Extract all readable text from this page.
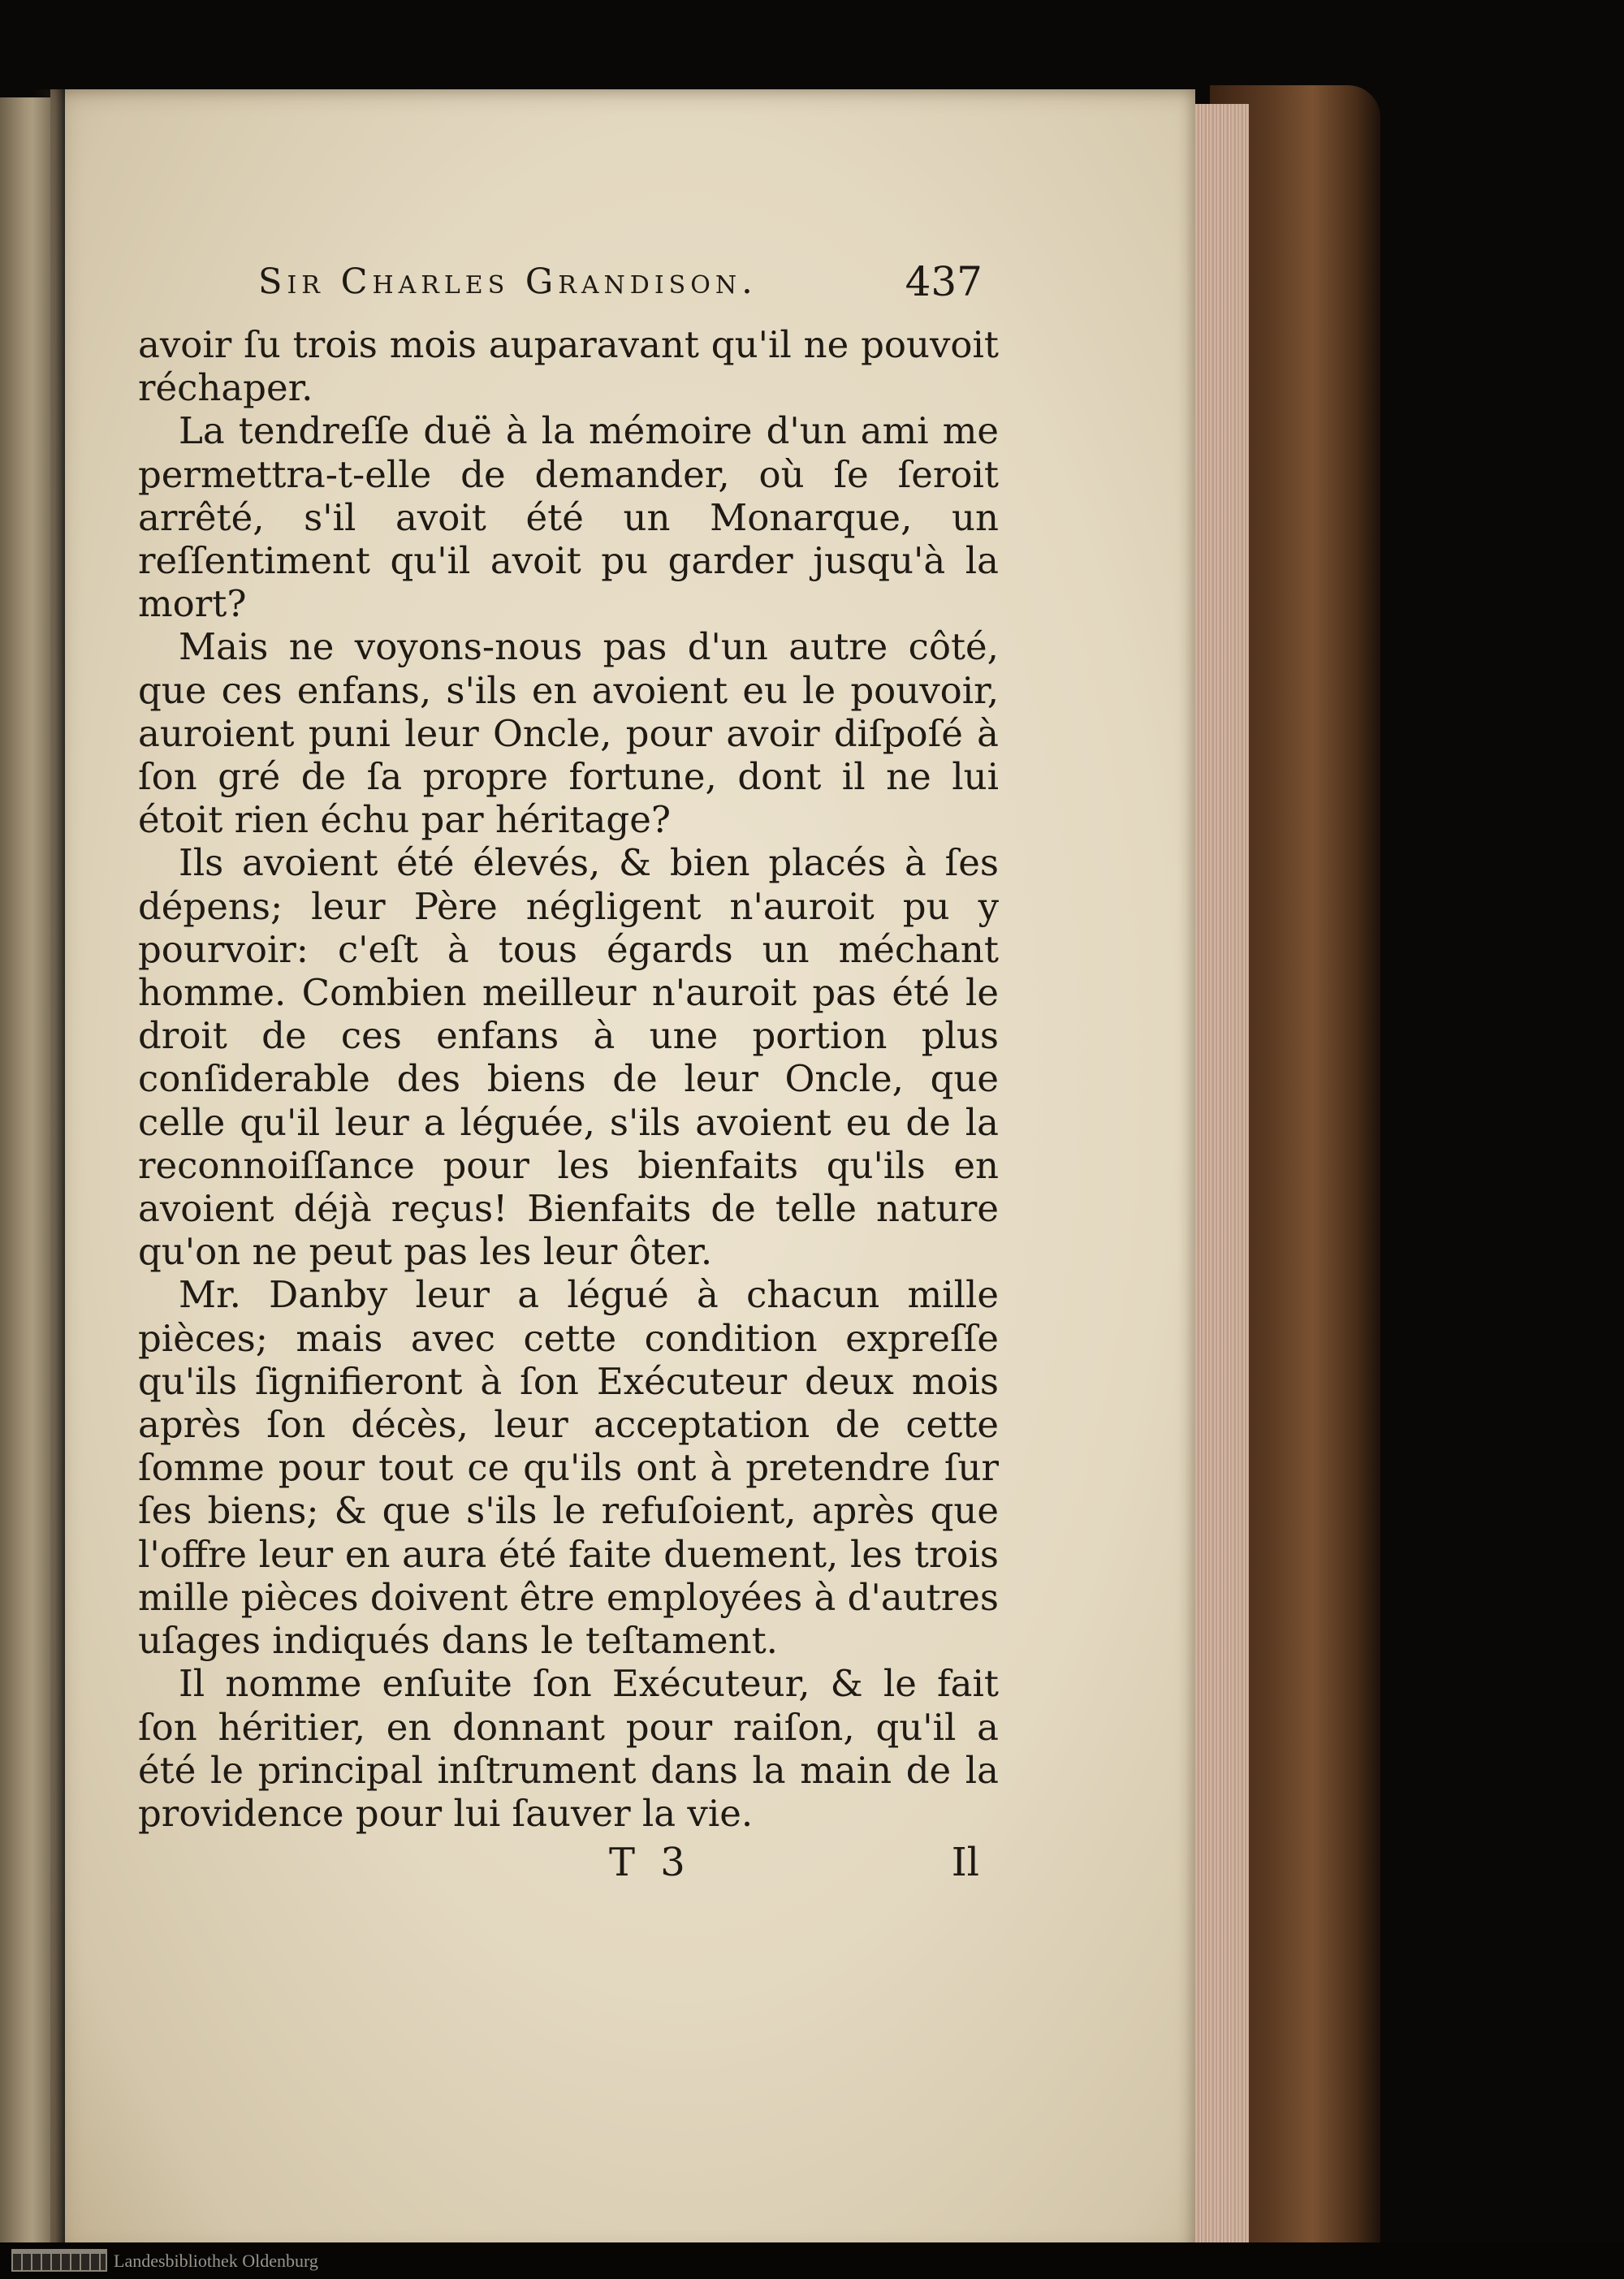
Sir Charles Grandison.	437

avoir ſu trois mois auparavant qu'il ne pouvoit réchaper.

La tendreſſe duë à la mémoire d'un ami me permettra-t-elle de demander, où ſe ſeroit arrêté, s'il avoit été un Monarque, un reſſentiment qu'il avoit pu garder jusqu'à la mort?

Mais ne voyons-nous pas d'un autre côté, que ces enfans, s'ils en avoient eu le pouvoir, auroient puni leur Oncle, pour avoir diſpoſé à ſon gré de ſa propre fortune, dont il ne lui étoit rien échu par héritage?

Ils avoient été élevés, & bien placés à ſes dépens; leur Père négligent n'auroit pu y pourvoir: c'eſt à tous égards un méchant homme. Combien meilleur n'auroit pas été le droit de ces enfans à une portion plus conſiderable des biens de leur Oncle, que celle qu'il leur a léguée, s'ils avoient eu de la reconnoiſſance pour les bienfaits qu'ils en avoient déjà reçus! Bienfaits de telle nature qu'on ne peut pas les leur ôter.

Mr. Danby leur a légué à chacun mille pièces; mais avec cette condition expreſſe qu'ils ſignifieront à ſon Exécuteur deux mois après ſon décès, leur acceptation de cette ſomme pour tout ce qu'ils ont à pretendre ſur ſes biens; & que s'ils le refuſoient, après que l'offre leur en aura été faite duement, les trois mille pièces doivent être employées à d'autres uſages indiqués dans le teſtament.

Il nomme enſuite ſon Exécuteur, & le fait ſon héritier, en donnant pour raiſon, qu'il a été le principal inſtrument dans la main de la providence pour lui ſauver la vie.

T 3	Il
Landesbibliothek Oldenburg
